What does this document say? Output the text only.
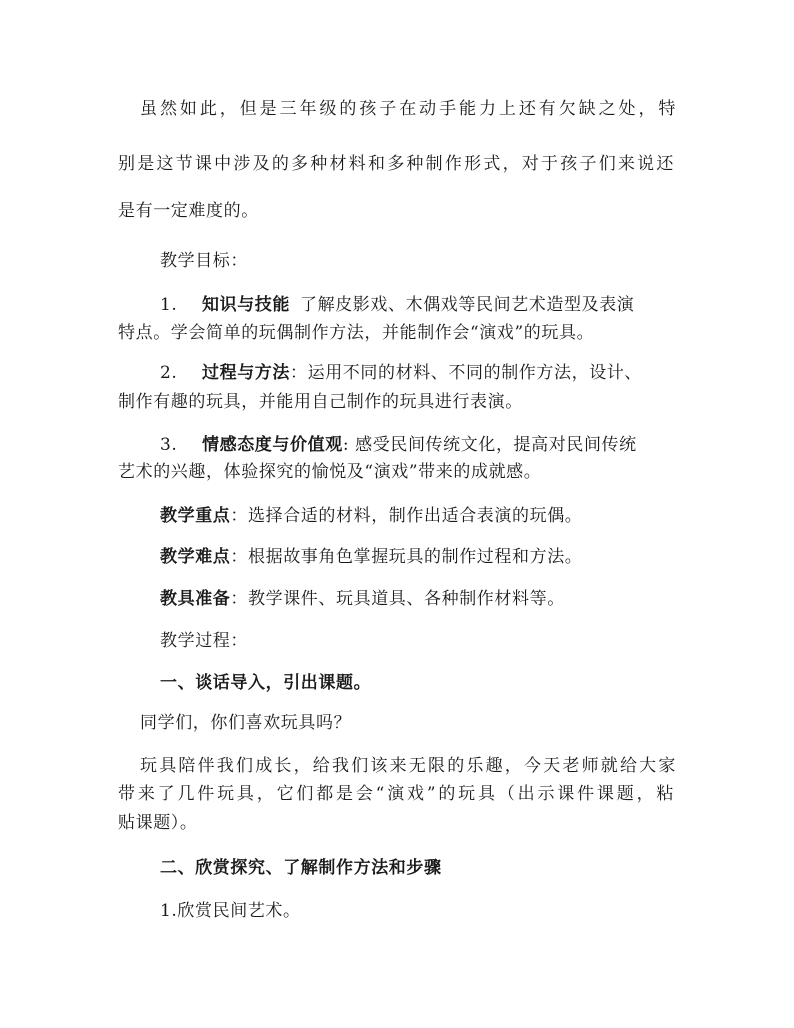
虽然如此，但是三年级的孩子在动手能力上还有欠缺之处，特
别是这节课中涉及的多种材料和多种制作形式，对于孩子们来说还
是有一定难度的。
教学目标：
1. 知识与技能 了解皮影戏、木偶戏等民间艺术造型及表演
特点。学会简单的玩偶制作方法，并能制作会“演戏”的玩具。
2. 过程与方法：运用不同的材料、不同的制作方法，设计、
制作有趣的玩具，并能用自己制作的玩具进行表演。
3. 情感态度与价值观: 感受民间传统文化，提高对民间传统
艺术的兴趣，体验探究的愉悦及“演戏”带来的成就感。
教学重点：选择合适的材料，制作出适合表演的玩偶。
教学难点：根据故事角色掌握玩具的制作过程和方法。
教具准备：教学课件、玩具道具、各种制作材料等。
教学过程：
一、谈话导入，引出课题。
同学们，你们喜欢玩具吗？
玩具陪伴我们成长，给我们该来无限的乐趣，今天老师就给大家
带来了几件玩具，它们都是会“演戏”的玩具（出示课件课题，粘
贴课题）。
二、欣赏探究、了解制作方法和步骤
1.欣赏民间艺术。
